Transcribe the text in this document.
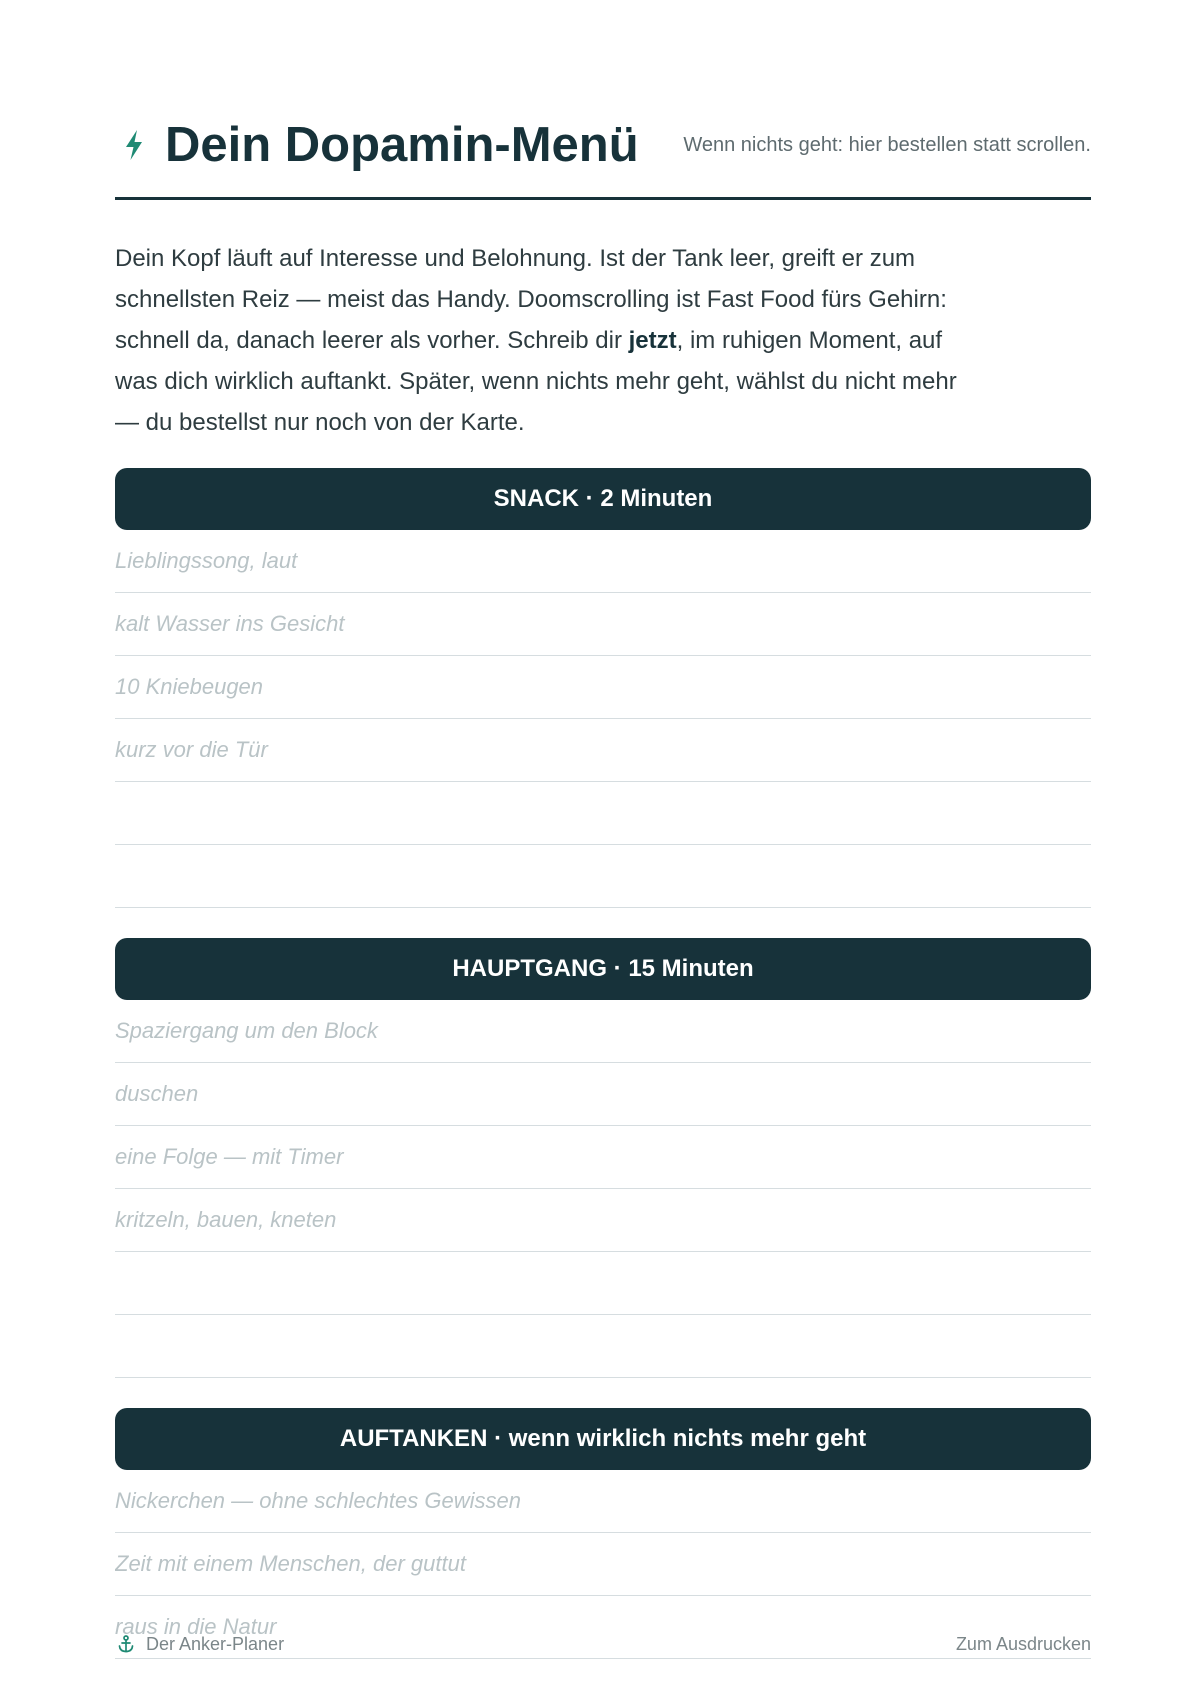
Dein Dopamin-Menü Wenn nichts geht: hier bestellen statt scrollen.

Dein Kopf läuft auf Interesse und Belohnung. Ist der Tank leer, greift er zum schnellsten Reiz — meist das Handy. Doomscrolling ist Fast Food fürs Gehirn: schnell da, danach leerer als vorher. Schreib dir jetzt, im ruhigen Moment, auf was dich wirklich auftankt. Später, wenn nichts mehr geht, wählst du nicht mehr — du bestellst nur noch von der Karte.

SNACK · 2 Minuten
Lieblingssong, laut
kalt Wasser ins Gesicht
10 Kniebeugen
kurz vor die Tür
HAUPTGANG · 15 Minuten
Spaziergang um den Block
duschen
eine Folge — mit Timer
kritzeln, bauen, kneten
AUFTANKEN · wenn wirklich nichts mehr geht
Nickerchen — ohne schlechtes Gewissen
Zeit mit einem Menschen, der guttut
raus in die Natur
Der Anker-Planer	Zum Ausdrucken
